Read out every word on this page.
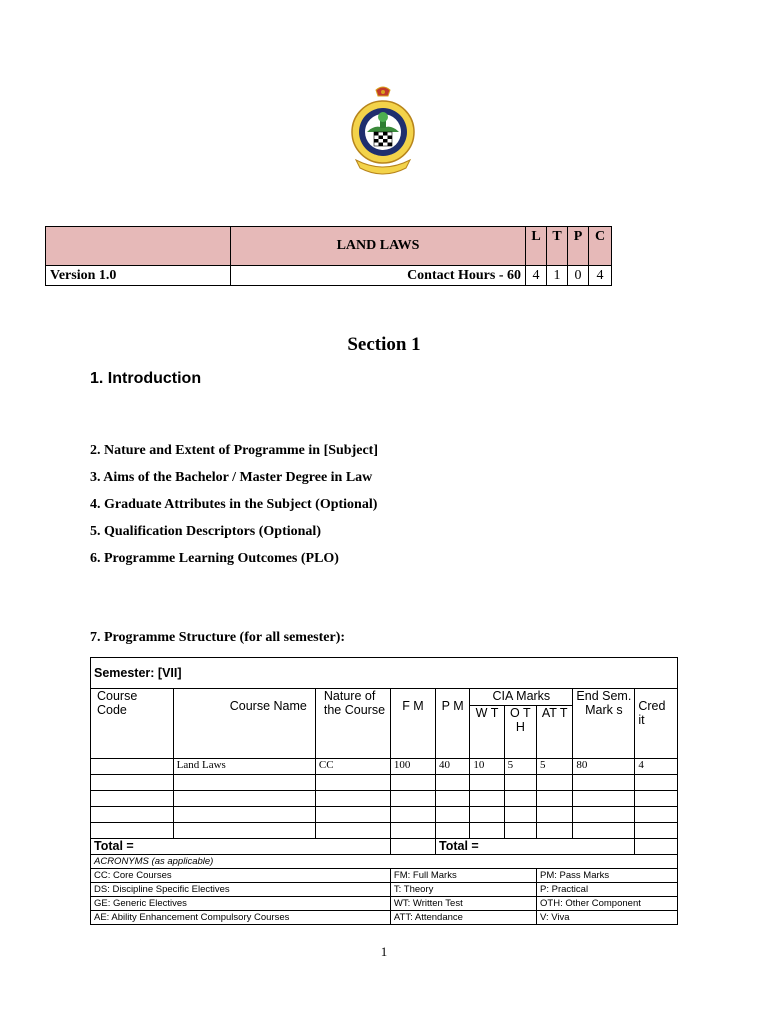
	LAND LAWS	L	T	P	C
Version 1.0	Contact Hours - 60	4	1	0	4
Section 1
1. Introduction
2. Nature and Extent of Programme in [Subject]
3. Aims of the Bachelor / Master Degree in Law
4. Graduate Attributes in the Subject (Optional)
5. Qualification Descriptors (Optional)
6. Programme Learning Outcomes (PLO)
7. Programme Structure (for all semester):
Semester: [VII]									
Course Code	Course Name	Nature of the Course	F M	P M	CIA Marks			End Sem. Mark s	Cred it
					W T	O T H	AT T		
	Land Laws	CC	100	40	10	5	5	80	4

Total =				Total =					
ACRONYMS (as applicable)									
CC: Core Courses			FM: Full Marks				PM: Pass Marks		
DS: Discipline Specific Electives			T: Theory				P: Practical		
GE: Generic Electives			WT: Written Test				OTH: Other Component		
AE: Ability Enhancement Compulsory Courses			ATT: Attendance				V: Viva		
1
